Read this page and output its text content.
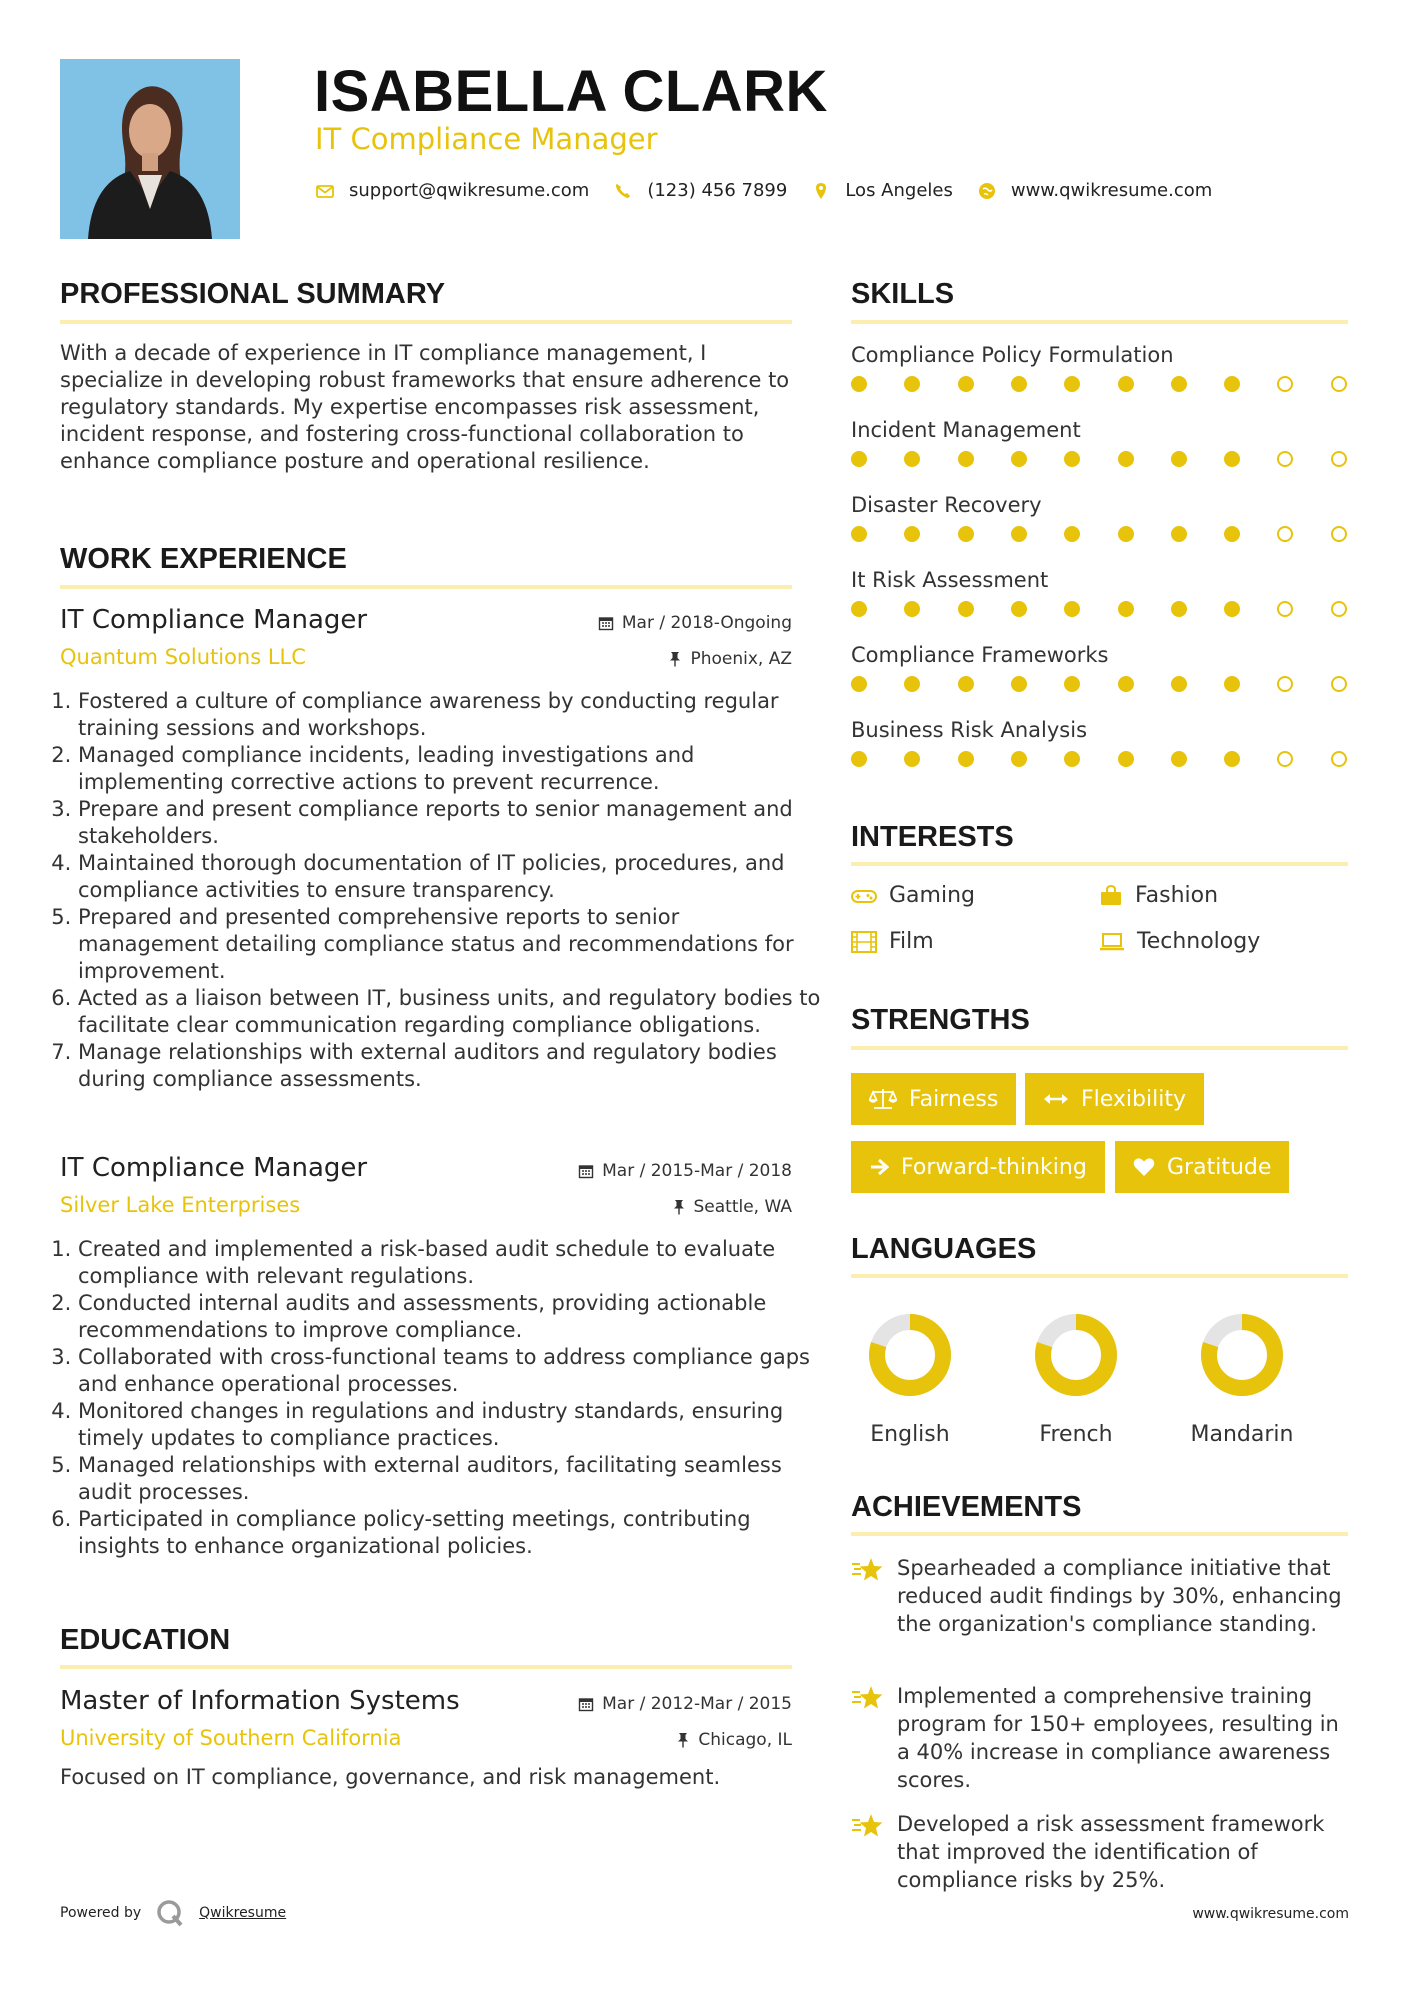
ISABELLA CLARK
IT Compliance Manager
support@qwikresume.com	(123) 456 7899	Los Angeles	www.qwikresume.com
PROFESSIONAL SUMMARY
With a decade of experience in IT compliance management, I specialize in developing robust frameworks that ensure adherence to regulatory standards. My expertise encompasses risk assessment, incident response, and fostering cross-functional collaboration to enhance compliance posture and operational resilience.
WORK EXPERIENCE
IT Compliance Manager
Quantum Solutions LLC
Mar / 2018-Ongoing
Phoenix, AZ
1. Fostered a culture of compliance awareness by conducting regular training sessions and workshops.
2. Managed compliance incidents, leading investigations and implementing corrective actions to prevent recurrence.
3. Prepare and present compliance reports to senior management and stakeholders.
4. Maintained thorough documentation of IT policies, procedures, and compliance activities to ensure transparency.
5. Prepared and presented comprehensive reports to senior management detailing compliance status and recommendations for improvement.
6. Acted as a liaison between IT, business units, and regulatory bodies to facilitate clear communication regarding compliance obligations.
7. Manage relationships with external auditors and regulatory bodies during compliance assessments.
IT Compliance Manager
Silver Lake Enterprises
Mar / 2015-Mar / 2018
Seattle, WA
1. Created and implemented a risk-based audit schedule to evaluate compliance with relevant regulations.
2. Conducted internal audits and assessments, providing actionable recommendations to improve compliance.
3. Collaborated with cross-functional teams to address compliance gaps and enhance operational processes.
4. Monitored changes in regulations and industry standards, ensuring timely updates to compliance practices.
5. Managed relationships with external auditors, facilitating seamless audit processes.
6. Participated in compliance policy-setting meetings, contributing insights to enhance organizational policies.
EDUCATION
Master of Information Systems
University of Southern California
Mar / 2012-Mar / 2015
Chicago, IL
Focused on IT compliance, governance, and risk management.
SKILLS
Compliance Policy Formulation
Incident Management
Disaster Recovery
It Risk Assessment
Compliance Frameworks
Business Risk Analysis
INTERESTS
Gaming	Fashion
Film	Technology
STRENGTHS
Fairness	Flexibility
Forward-thinking	Gratitude
LANGUAGES
English	French	Mandarin
ACHIEVEMENTS
Spearheaded a compliance initiative that reduced audit findings by 30%, enhancing the organization's compliance standing.
Implemented a comprehensive training program for 150+ employees, resulting in a 40% increase in compliance awareness scores.
Developed a risk assessment framework that improved the identification of compliance risks by 25%.
Powered by	Qwikresume	www.qwikresume.com
